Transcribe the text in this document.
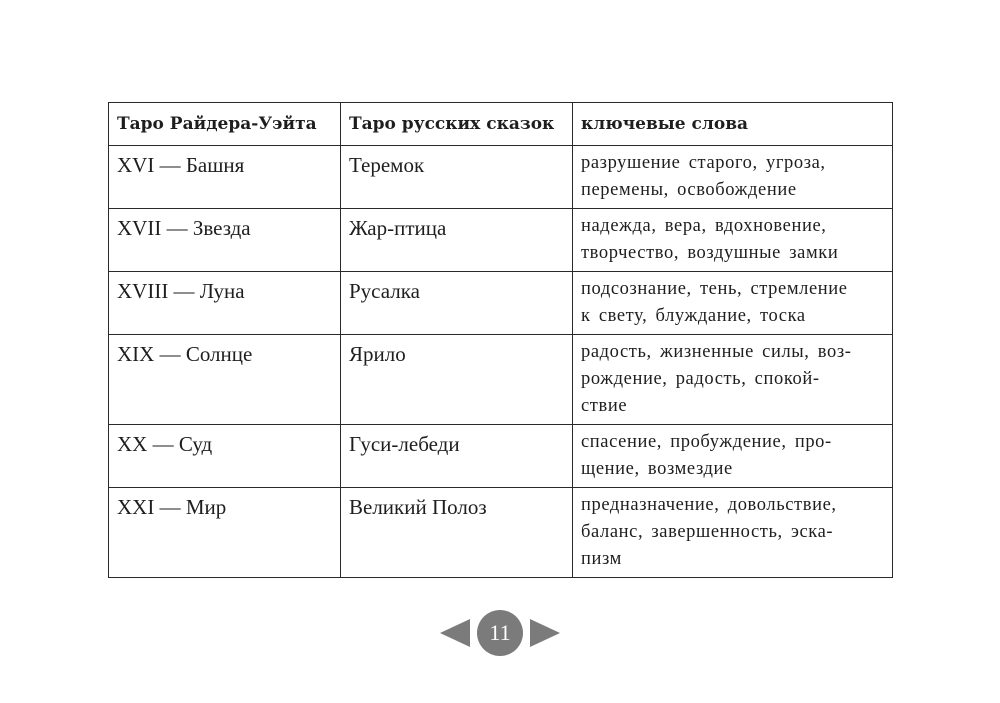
Таро Райдера-Уэйта	Таро русских сказок	ключевые слова
XVI — Башня	Теремок	разрушение старого, угроза,
перемены, освобождение

XVII — Звезда	Жар-птица	надежда, вера, вдохновение,
творчество, воздушные замки

XVIII — Луна	Русалка	подсознание, тень, стремление
к свету, блуждание, тоска

XIX — Солнце	Ярило	радость, жизненные силы, воз-
рождение, радость, спокой-
ствие

XX — Суд	Гуси-лебеди	спасение, пробуждение, про-
щение, возмездие

XXI — Мир	Великий Полоз	предназначение, довольствие,
баланс, завершенность, эска-
пизм
11
